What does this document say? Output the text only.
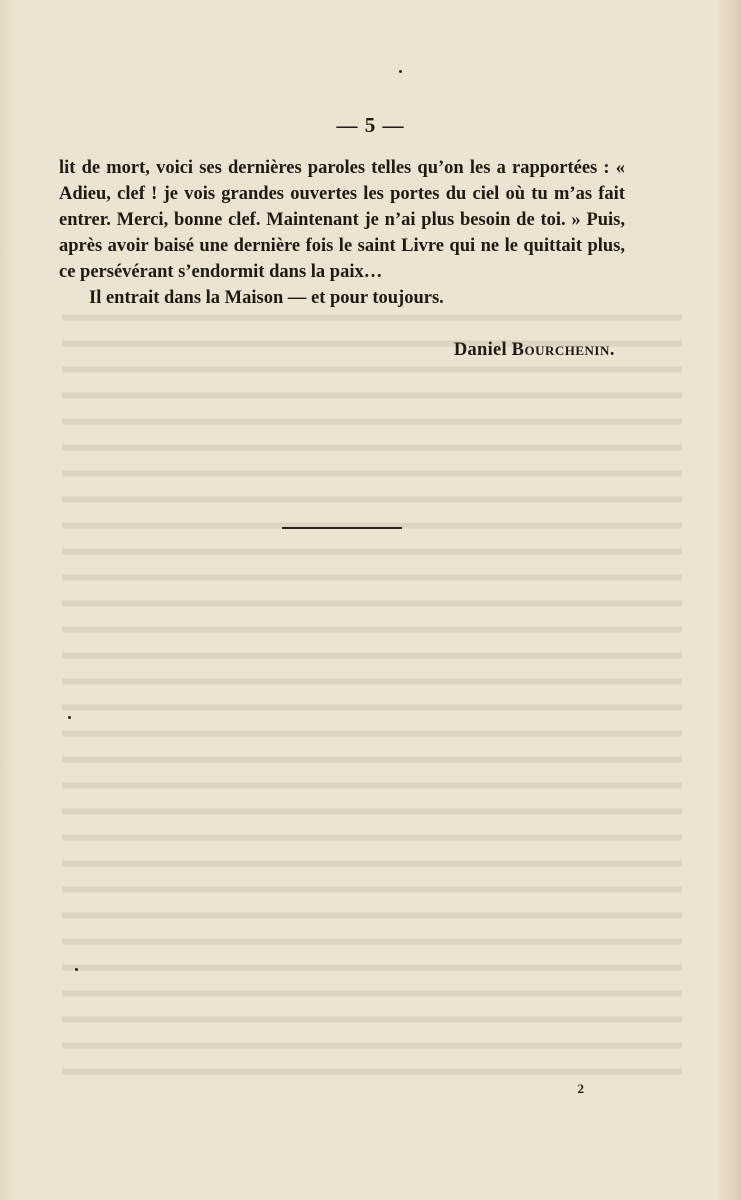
— 5 —

lit de mort, voici ses dernières paroles telles qu’on les a rapportées : « Adieu, clef ! je vois grandes ouvertes les portes du ciel où tu m’as fait entrer. Merci, bonne clef. Maintenant je n’ai plus besoin de toi. » Puis, après avoir baisé une dernière fois le saint Livre qui ne le quittait plus, ce persévérant s’endormit dans la paix…

Il entrait dans la Maison — et pour toujours.

Daniel Bourchenin.
2
